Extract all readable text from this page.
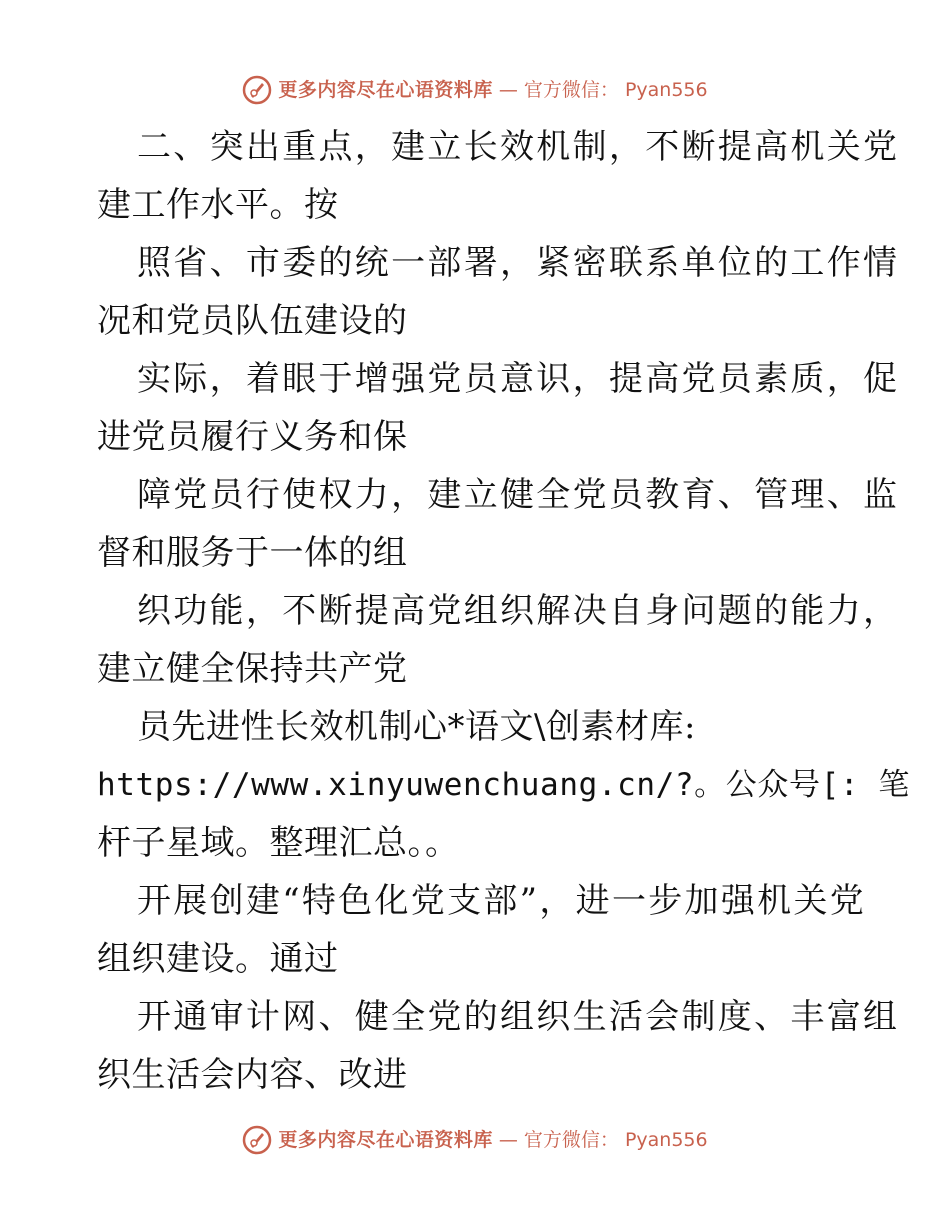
更多内容尽在心语资料库 — 官方微信： Pyan556
二、突出重点，建立长效机制，不断提高机关党
建工作水平。按
照省、市委的统一部署，紧密联系单位的工作情
况和党员队伍建设的
实际，着眼于增强党员意识，提高党员素质，促
进党员履行义务和保
障党员行使权力，建立健全党员教育、管理、监
督和服务于一体的组
织功能，不断提高党组织解决自身问题的能力，
建立健全保持共产党
员先进性长效机制心*语文\创素材库:
https://www.xinyuwenchuang.cn/?。公众号[: 笔
杆子星域。整理汇总。。
开展创建“特色化党支部”，进一步加强机关党
组织建设。通过
开通审计网、健全党的组织生活会制度、丰富组
织生活会内容、改进
更多内容尽在心语资料库 — 官方微信： Pyan556
